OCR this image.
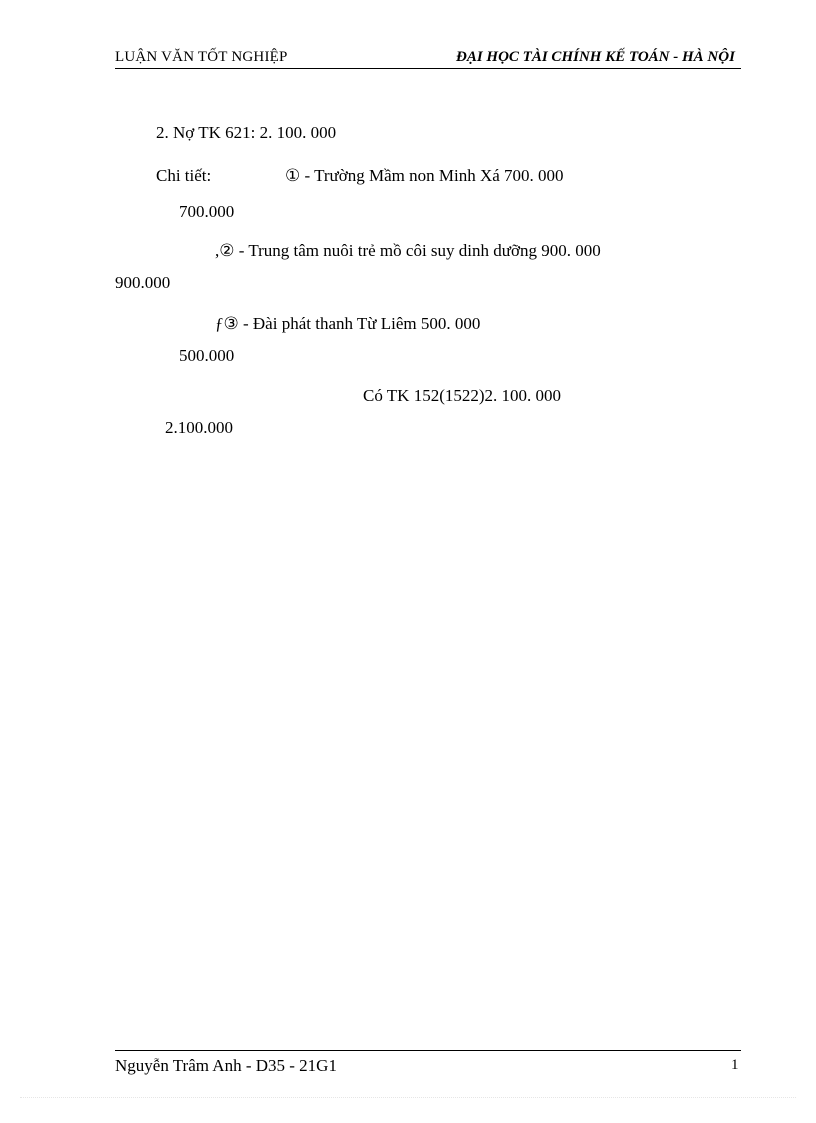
LUẬN VĂN TỐT NGHIỆP	ĐẠI HỌC TÀI CHÍNH KẾ TOÁN - HÀ NỘI
2. Nợ TK 621: 2. 100. 000
Chi tiết:	① - Trường Mầm non Minh Xá 700. 000
700.000
,② - Trung tâm nuôi trẻ mồ côi suy dinh dưỡng 900. 000
900.000
ƒ③ - Đài phát thanh Từ Liêm 500. 000
500.000
Có TK 152(1522)2. 100. 000
2.100.000
Nguyễn Trâm Anh - D35 - 21G1	1
